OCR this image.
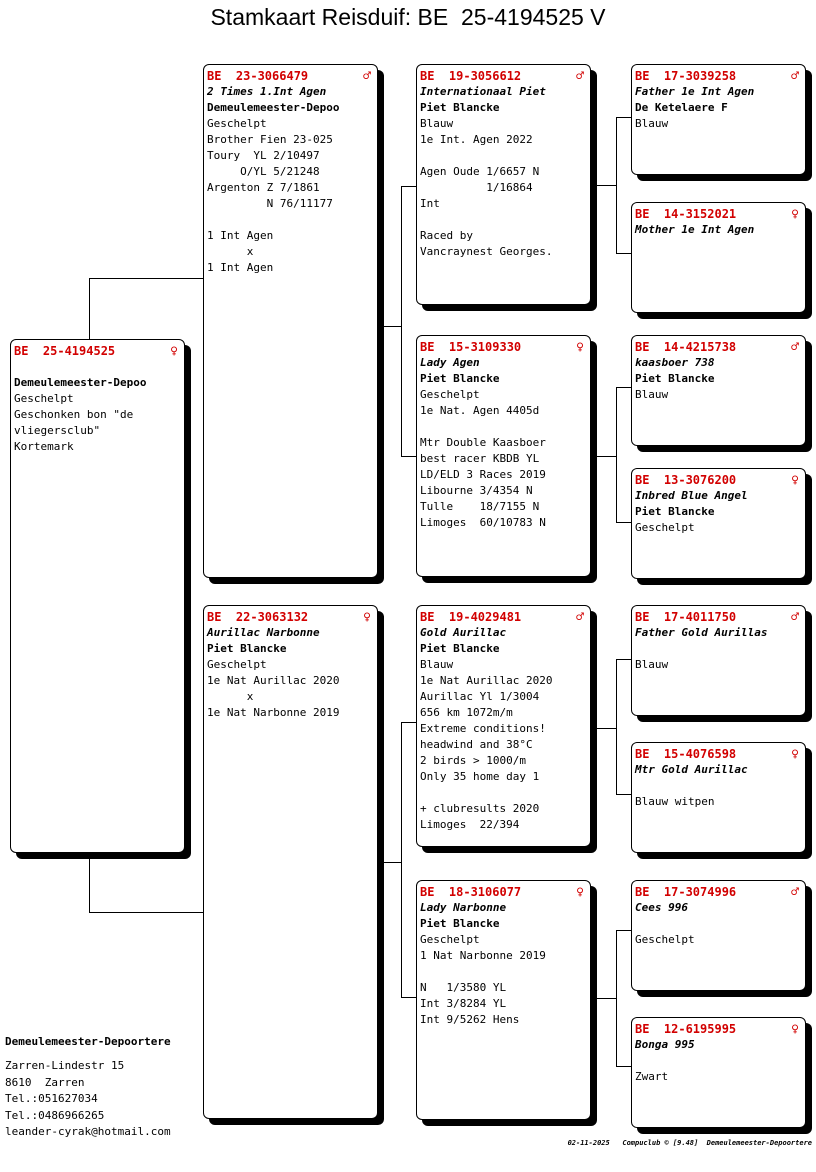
Stamkaart Reisduif: BE  25-4194525 V
BE  25-4194525	♀
Demeulemeester-Depoo
Geschelpt
Geschonken bon "de
vliegersclub"
Kortemark
BE  23-3066479	♂
2 Times 1.Int Agen
Demeulemeester-Depoo
Geschelpt
Brother Fien 23-025
Toury  YL 2/10497
O/YL 5/21248
Argenton Z 7/1861
N 76/11177
1 Int Agen
x
1 Int Agen
BE  22-3063132	♀
Aurillac Narbonne
Piet Blancke
Geschelpt
1e Nat Aurillac 2020
x
1e Nat Narbonne 2019
BE  19-3056612	♂
Internationaal Piet
Piet Blancke
Blauw
1e Int. Agen 2022
Agen Oude 1/6657 N
1/16864
Int
Raced by
Vancraynest Georges.
BE  15-3109330	♀
Lady Agen
Piet Blancke
Geschelpt
1e Nat. Agen 4405d
Mtr Double Kaasboer
best racer KBDB YL
LD/ELD 3 Races 2019
Libourne 3/4354 N
Tulle    18/7155 N
Limoges  60/10783 N
BE  19-4029481	♂
Gold Aurillac
Piet Blancke
Blauw
1e Nat Aurillac 2020
Aurillac Yl 1/3004
656 km 1072m/m
Extreme conditions!
headwind and 38°C
2 birds > 1000/m
Only 35 home day 1
+ clubresults 2020
Limoges  22/394
BE  18-3106077	♀
Lady Narbonne
Piet Blancke
Geschelpt
1 Nat Narbonne 2019
N   1/3580 YL
Int 3/8284 YL
Int 9/5262 Hens
BE  17-3039258	♂
Father 1e Int Agen
De Ketelaere F
Blauw
BE  14-3152021	♀
Mother 1e Int Agen
BE  14-4215738	♂
kaasboer 738
Piet Blancke
Blauw
BE  13-3076200	♀
Inbred Blue Angel
Piet Blancke
Geschelpt
BE  17-4011750	♂
Father Gold Aurillas
Blauw
BE  15-4076598	♀
Mtr Gold Aurillac
Blauw witpen
BE  17-3074996	♂
Cees 996
Geschelpt
BE  12-6195995	♀
Bonga 995
Zwart
Demeulemeester-Depoortere
Zarren-Lindestr 15
8610  Zarren
Tel.:051627034
Tel.:0486966265
leander-cyrak@hotmail.com
02-11-2025   Compuclub © [9.48]  Demeulemeester-Depoortere
